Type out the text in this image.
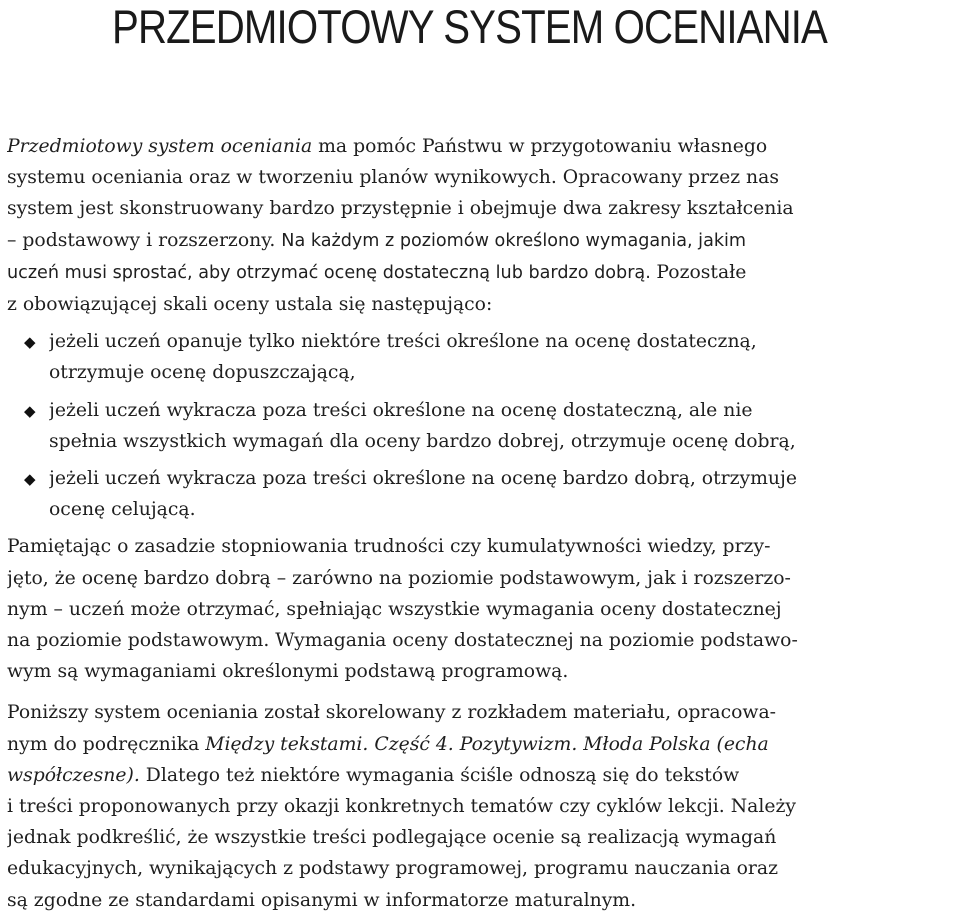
PRZEDMIOTOWY SYSTEM OCENIANIA
Przedmiotowy system oceniania ma pomóc Państwu w przygotowaniu własnego
systemu oceniania oraz w tworzeniu planów wynikowych. Opracowany przez nas
system jest skonstruowany bardzo przystępnie i obejmuje dwa zakresy kształcenia
– podstawowy i rozszerzony. Na każdym z poziomów określono wymagania, jakim
uczeń musi sprostać, aby otrzymać ocenę dostateczną lub bardzo dobrą. Pozostałe
z obowiązującej skali oceny ustala się następująco:
◆ jeżeli uczeń opanuje tylko niektóre treści określone na ocenę dostateczną,
otrzymuje ocenę dopuszczającą,
◆ jeżeli uczeń wykracza poza treści określone na ocenę dostateczną, ale nie
spełnia wszystkich wymagań dla oceny bardzo dobrej, otrzymuje ocenę dobrą,
◆ jeżeli uczeń wykracza poza treści określone na ocenę bardzo dobrą, otrzymuje
ocenę celującą.
Pamiętając o zasadzie stopniowania trudności czy kumulatywności wiedzy, przy-
jęto, że ocenę bardzo dobrą – zarówno na poziomie podstawowym, jak i rozszerzo-
nym – uczeń może otrzymać, spełniając wszystkie wymagania oceny dostatecznej
na poziomie podstawowym. Wymagania oceny dostatecznej na poziomie podstawo-
wym są wymaganiami określonymi podstawą programową.
Poniższy system oceniania został skorelowany z rozkładem materiału, opracowa-
nym do podręcznika Między tekstami. Część 4. Pozytywizm. Młoda Polska (echa
współczesne). Dlatego też niektóre wymagania ściśle odnoszą się do tekstów
i treści proponowanych przy okazji konkretnych tematów czy cyklów lekcji. Należy
jednak podkreślić, że wszystkie treści podlegające ocenie są realizacją wymagań
edukacyjnych, wynikających z podstawy programowej, programu nauczania oraz
są zgodne ze standardami opisanymi w informatorze maturalnym.
